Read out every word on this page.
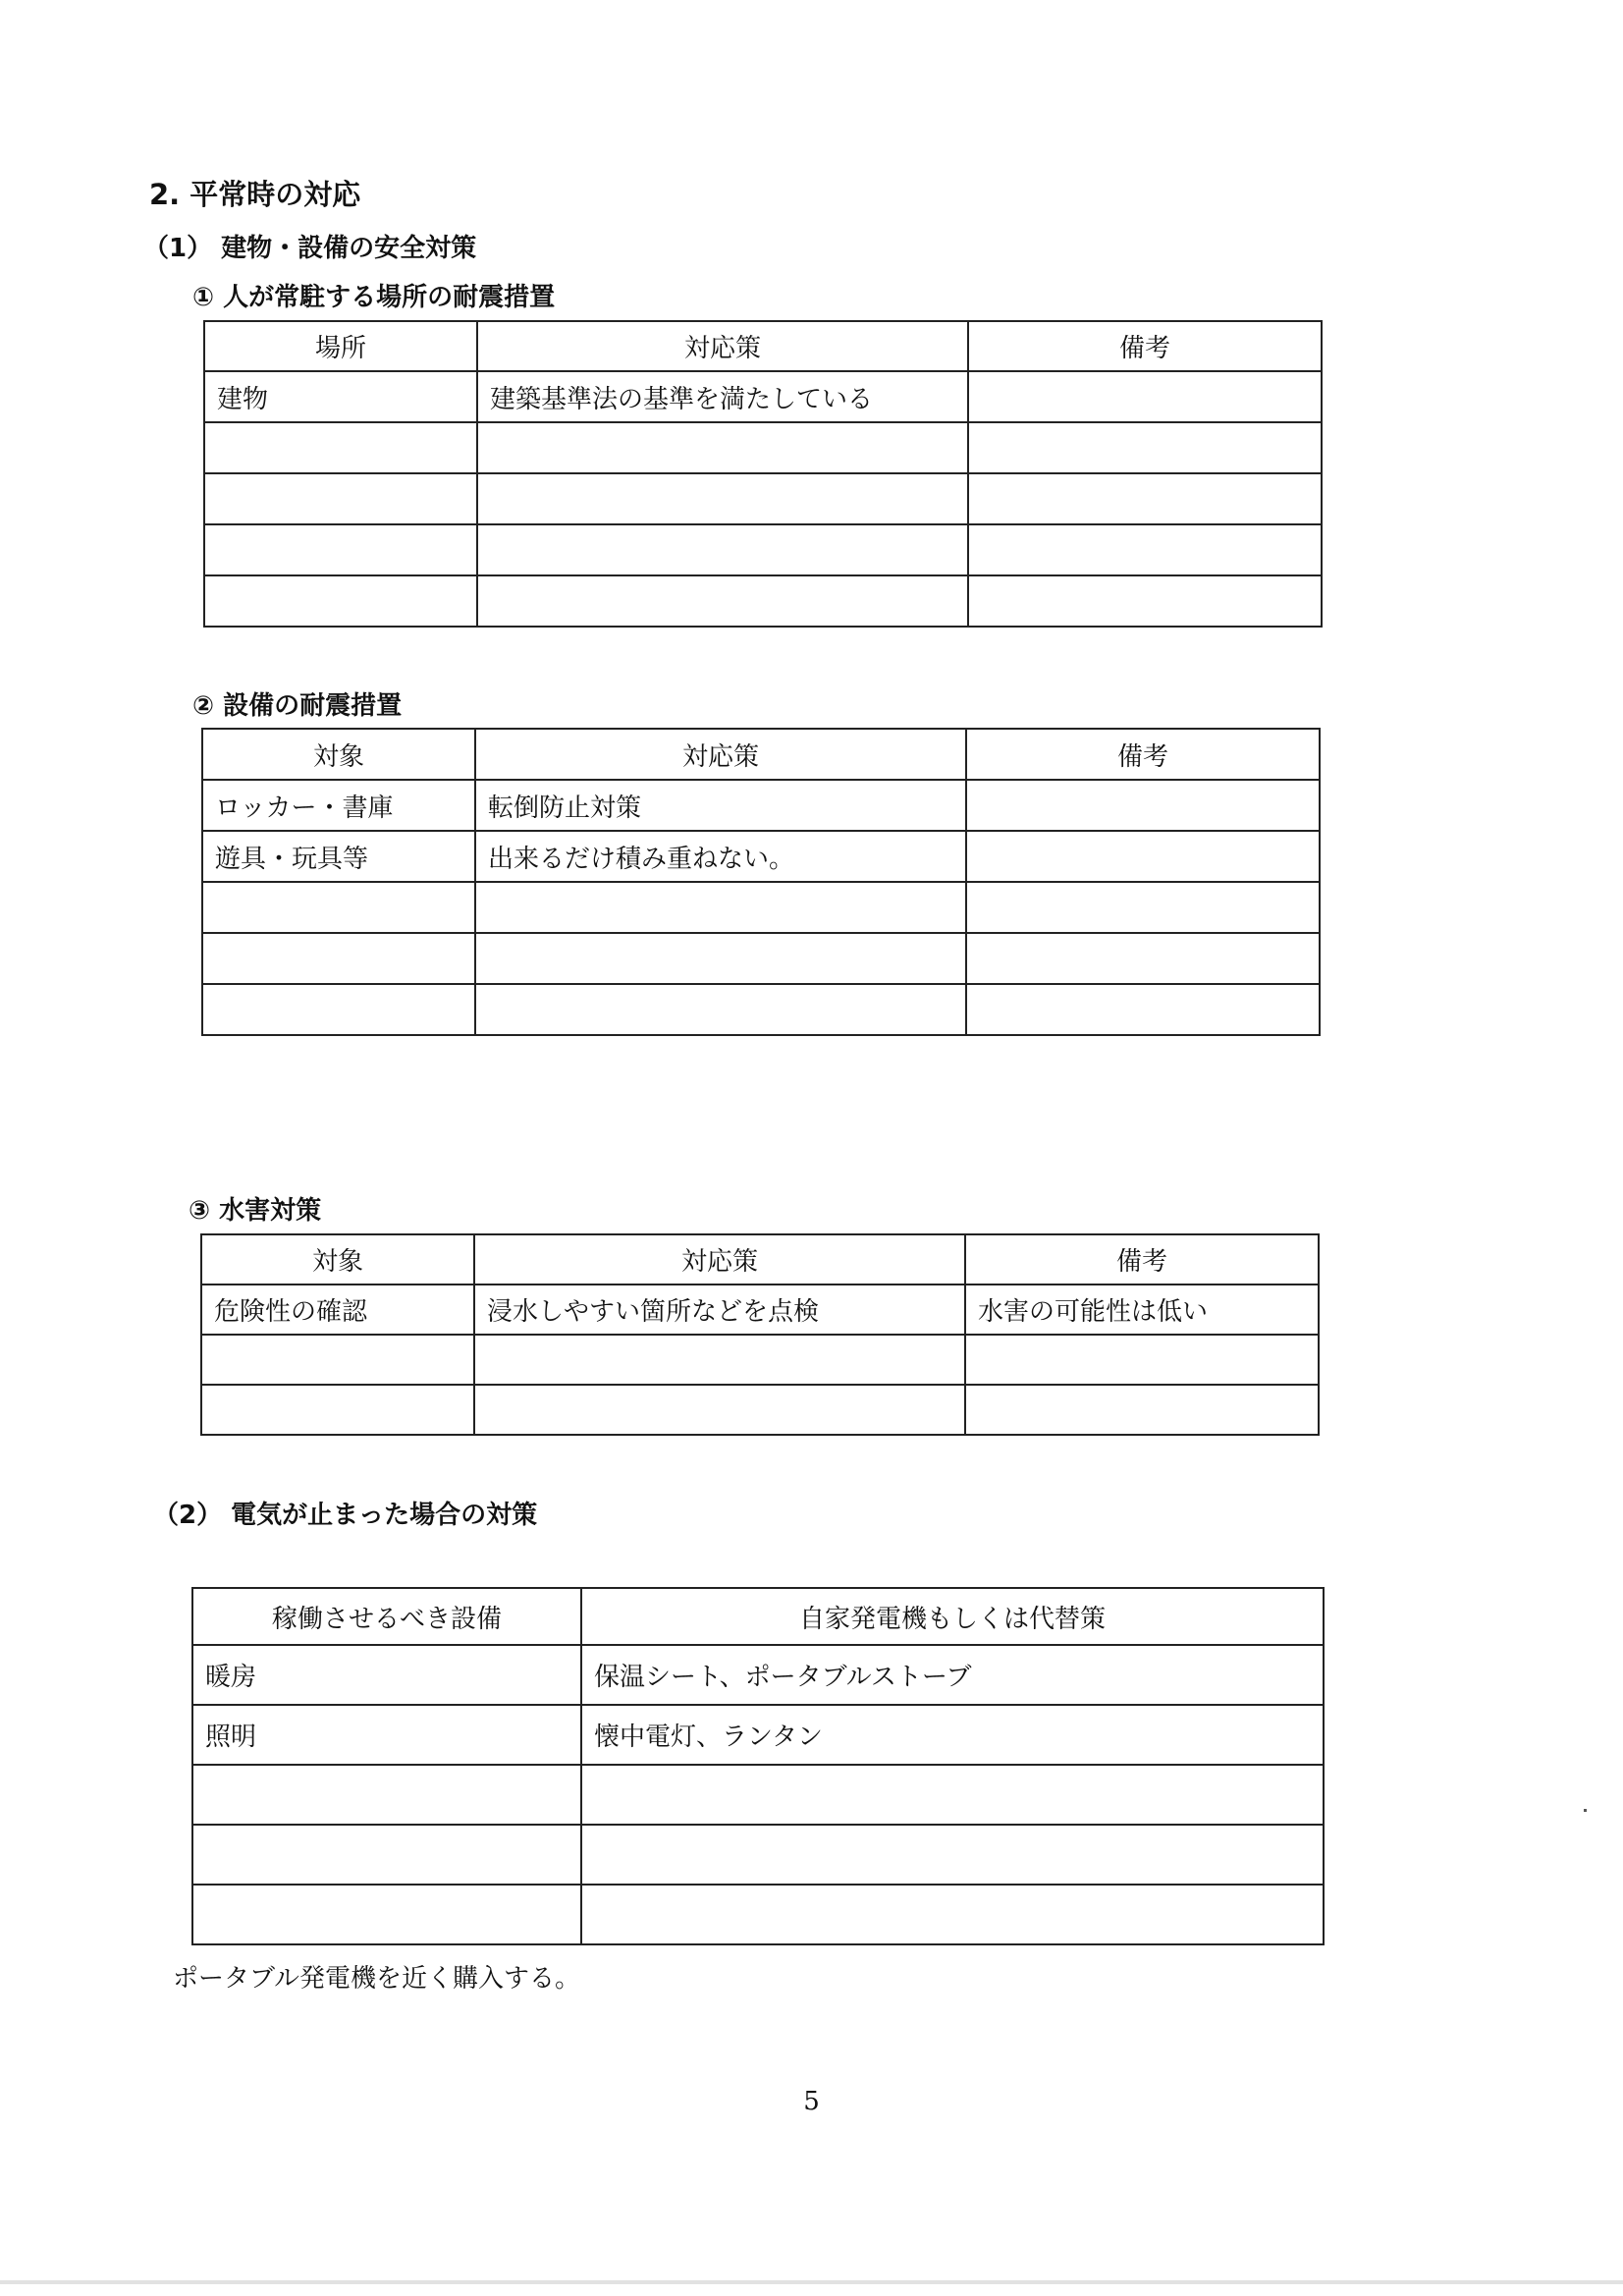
2. 平常時の対応
（1） 建物・設備の安全対策
① 人が常駐する場所の耐震措置
場所	対応策	備考
建物	建築基準法の基準を満たしている	

② 設備の耐震措置
対象	対応策	備考
ロッカー・書庫	転倒防止対策	
遊具・玩具等	出来るだけ積み重ねない。	

③ 水害対策
対象	対応策	備考
危険性の確認	浸水しやすい箇所などを点検	水害の可能性は低い

（2） 電気が止まった場合の対策
稼働させるべき設備	自家発電機もしくは代替策
暖房	保温シート、ポータブルストーブ
照明	懐中電灯、ランタン

ポータブル発電機を近く購入する。
5
